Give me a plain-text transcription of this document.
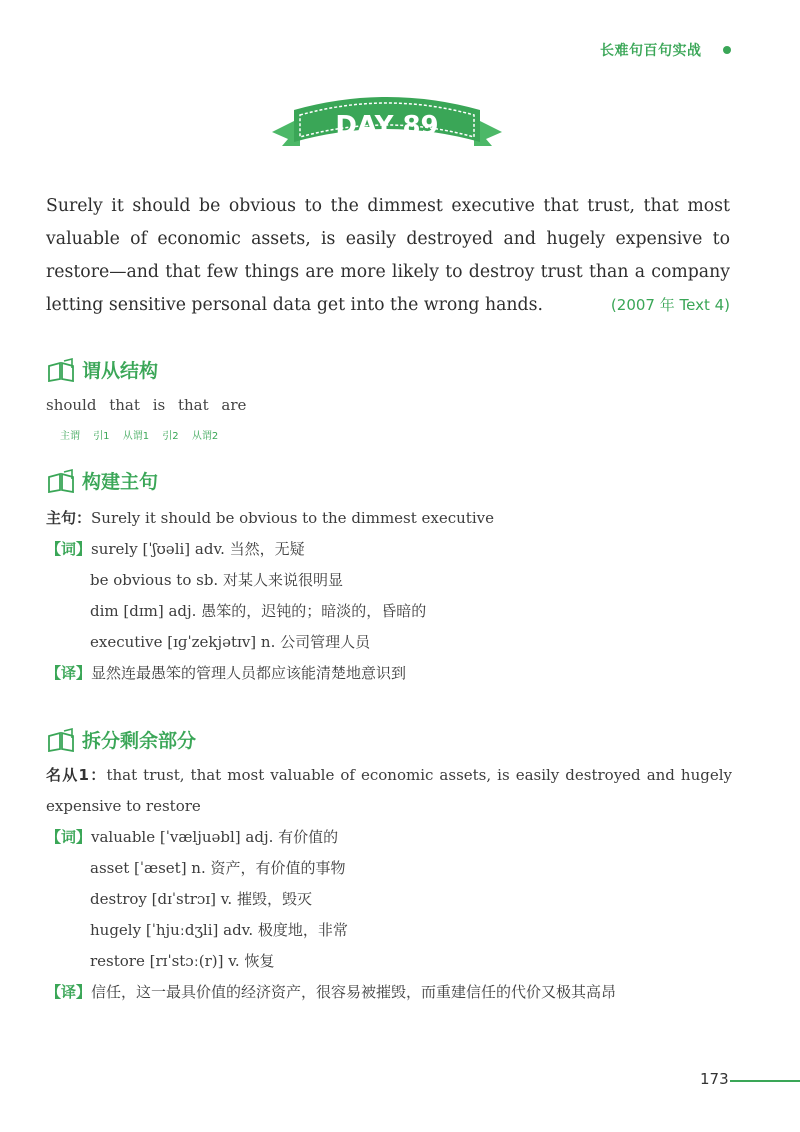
长难句百句实战
DAY 89
Surely it should be obvious to the dimmest executive that trust, that most valuable of economic assets, is easily destroyed and hugely expensive to restore—and that few things are more likely to destroy trust than a company letting sensitive personal data get into the wrong hands.	(2007 年 Text 4)
谓从结构
should that is that are
主谓 引1 从谓1 引2 从谓2
构建主句
主句：Surely it should be obvious to the dimmest executive
【词】surely [ˈʃʊəli] adv. 当然，无疑
be obvious to sb. 对某人来说很明显
dim [dɪm] adj. 愚笨的，迟钝的；暗淡的，昏暗的
executive [ɪɡˈzekjətɪv] n. 公司管理人员
【译】显然连最愚笨的管理人员都应该能清楚地意识到
拆分剩余部分
名从1：that trust, that most valuable of economic assets, is easily destroyed and hugely expensive to restore
【词】valuable [ˈvæljuəbl] adj. 有价值的
asset [ˈæset] n. 资产，有价值的事物
destroy [dɪˈstrɔɪ] v. 摧毁，毁灭
hugely [ˈhjuːdʒli] adv. 极度地，非常
restore [rɪˈstɔː(r)] v. 恢复
【译】信任，这一最具价值的经济资产，很容易被摧毁，而重建信任的代价又极其高昂
173
